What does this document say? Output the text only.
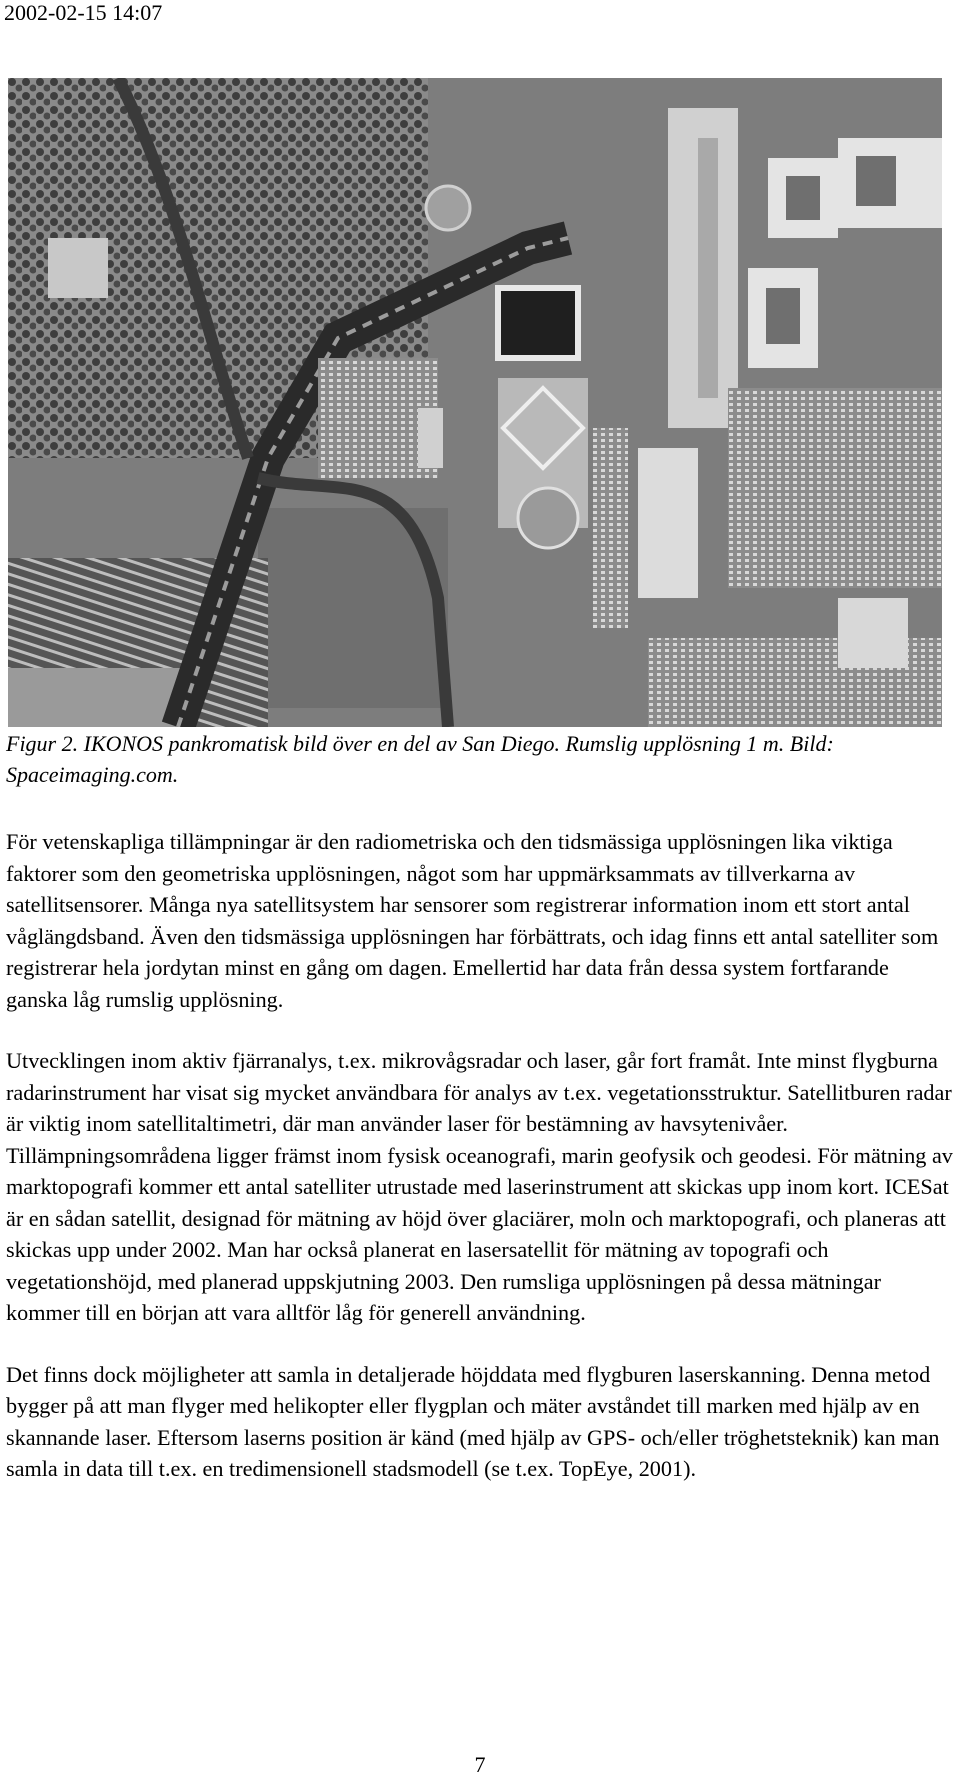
2002-02-15 14:07
Figur 2. IKONOS pankromatisk bild över en del av San Diego. Rumslig upplösning 1 m. Bild: Spaceimaging.com.

För vetenskapliga tillämpningar är den radiometriska och den tidsmässiga upplösningen lika viktiga faktorer som den geometriska upplösningen, något som har uppmärksammats av tillverkarna av satellitsensorer. Många nya satellitsystem har sensorer som registrerar information inom ett stort antal våglängdsband. Även den tidsmässiga upplösningen har förbättrats, och idag finns ett antal satelliter som registrerar hela jordytan minst en gång om dagen. Emellertid har data från dessa system fortfarande ganska låg rumslig upplösning.

Utvecklingen inom aktiv fjärranalys, t.ex. mikrovågsradar och laser, går fort framåt. Inte minst flygburna radarinstrument har visat sig mycket användbara för analys av t.ex. vegetationsstruktur. Satellitburen radar är viktig inom satellitaltimetri, där man använder laser för bestämning av havsytenivåer. Tillämpningsområdena ligger främst inom fysisk oceanografi, marin geofysik och geodesi. För mätning av marktopografi kommer ett antal satelliter utrustade med laserinstrument att skickas upp inom kort. ICESat är en sådan satellit, designad för mätning av höjd över glaciärer, moln och marktopografi, och planeras att skickas upp under 2002. Man har också planerat en lasersatellit för mätning av topografi och vegetationshöjd, med planerad uppskjutning 2003. Den rumsliga upplösningen på dessa mätningar kommer till en början att vara alltför låg för generell användning.

Det finns dock möjligheter att samla in detaljerade höjddata med flygburen laserskanning. Denna metod bygger på att man flyger med helikopter eller flygplan och mäter avståndet till marken med hjälp av en skannande laser. Eftersom laserns position är känd (med hjälp av GPS- och/eller tröghetsteknik) kan man samla in data till t.ex. en tredimensionell stadsmodell (se t.ex. TopEye, 2001).

7
